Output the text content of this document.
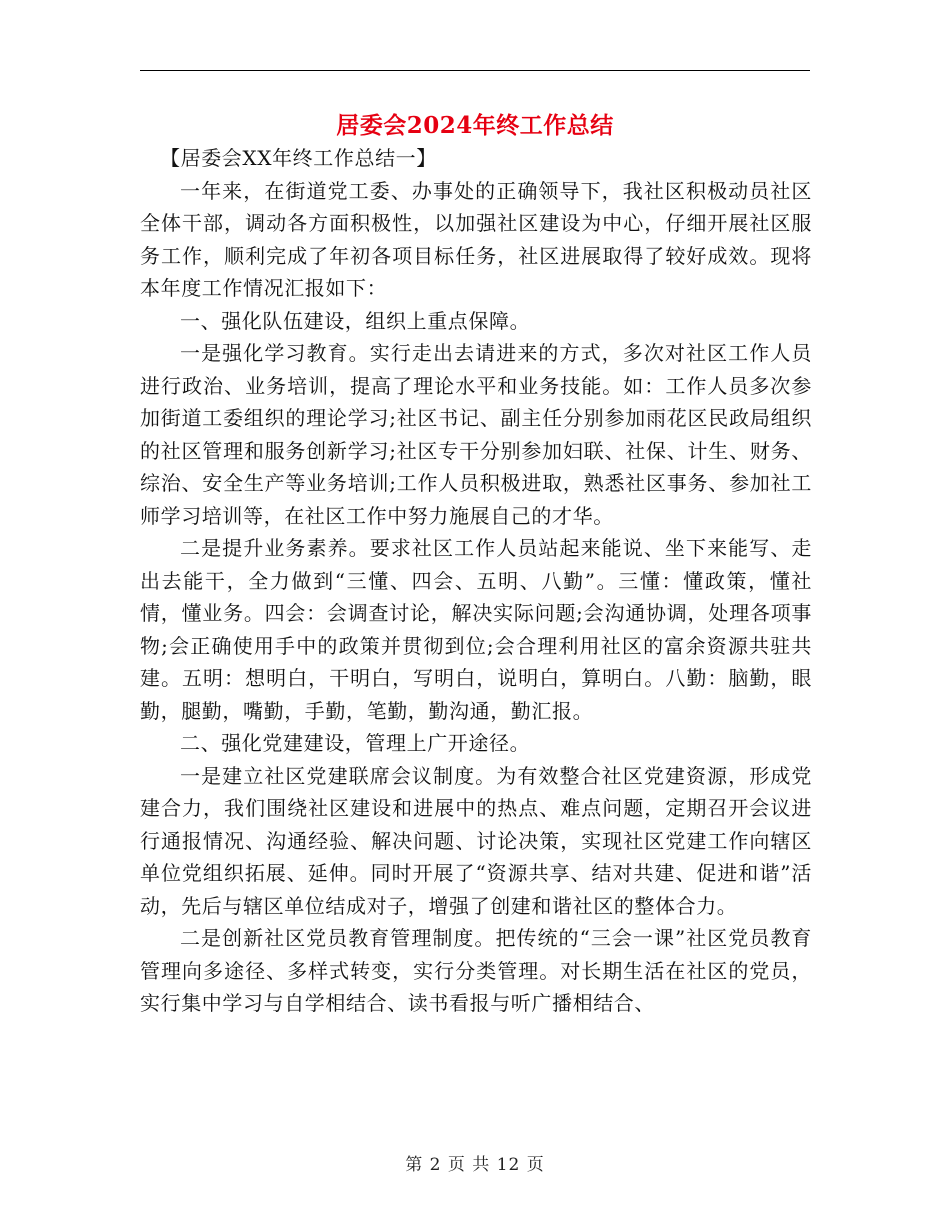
居委会2024年终工作总结

【居委会XX年终工作总结一】

一年来，在街道党工委、办事处的正确领导下，我社区积极动员社区全体干部，调动各方面积极性，以加强社区建设为中心，仔细开展社区服务工作，顺利完成了年初各项目标任务，社区进展取得了较好成效。现将本年度工作情况汇报如下：

一、强化队伍建设，组织上重点保障。

一是强化学习教育。实行走出去请进来的方式，多次对社区工作人员进行政治、业务培训，提高了理论水平和业务技能。如：工作人员多次参加街道工委组织的理论学习;社区书记、副主任分别参加雨花区民政局组织的社区管理和服务创新学习;社区专干分别参加妇联、社保、计生、财务、综治、安全生产等业务培训;工作人员积极进取，熟悉社区事务、参加社工师学习培训等，在社区工作中努力施展自己的才华。

二是提升业务素养。要求社区工作人员站起来能说、坐下来能写、走出去能干，全力做到“三懂、四会、五明、八勤”。三懂：懂政策，懂社情，懂业务。四会：会调查讨论，解决实际问题;会沟通协调，处理各项事物;会正确使用手中的政策并贯彻到位;会合理利用社区的富余资源共驻共建。五明：想明白，干明白，写明白，说明白，算明白。八勤：脑勤，眼勤，腿勤，嘴勤，手勤，笔勤，勤沟通，勤汇报。

二、强化党建建设，管理上广开途径。

一是建立社区党建联席会议制度。为有效整合社区党建资源，形成党建合力，我们围绕社区建设和进展中的热点、难点问题，定期召开会议进行通报情况、沟通经验、解决问题、讨论决策，实现社区党建工作向辖区单位党组织拓展、延伸。同时开展了“资源共享、结对共建、促进和谐”活动，先后与辖区单位结成对子，增强了创建和谐社区的整体合力。

二是创新社区党员教育管理制度。把传统的“三会一课”社区党员教育管理向多途径、多样式转变，实行分类管理。对长期生活在社区的党员，实行集中学习与自学相结合、读书看报与听广播相结合、

第 2 页 共 12 页
